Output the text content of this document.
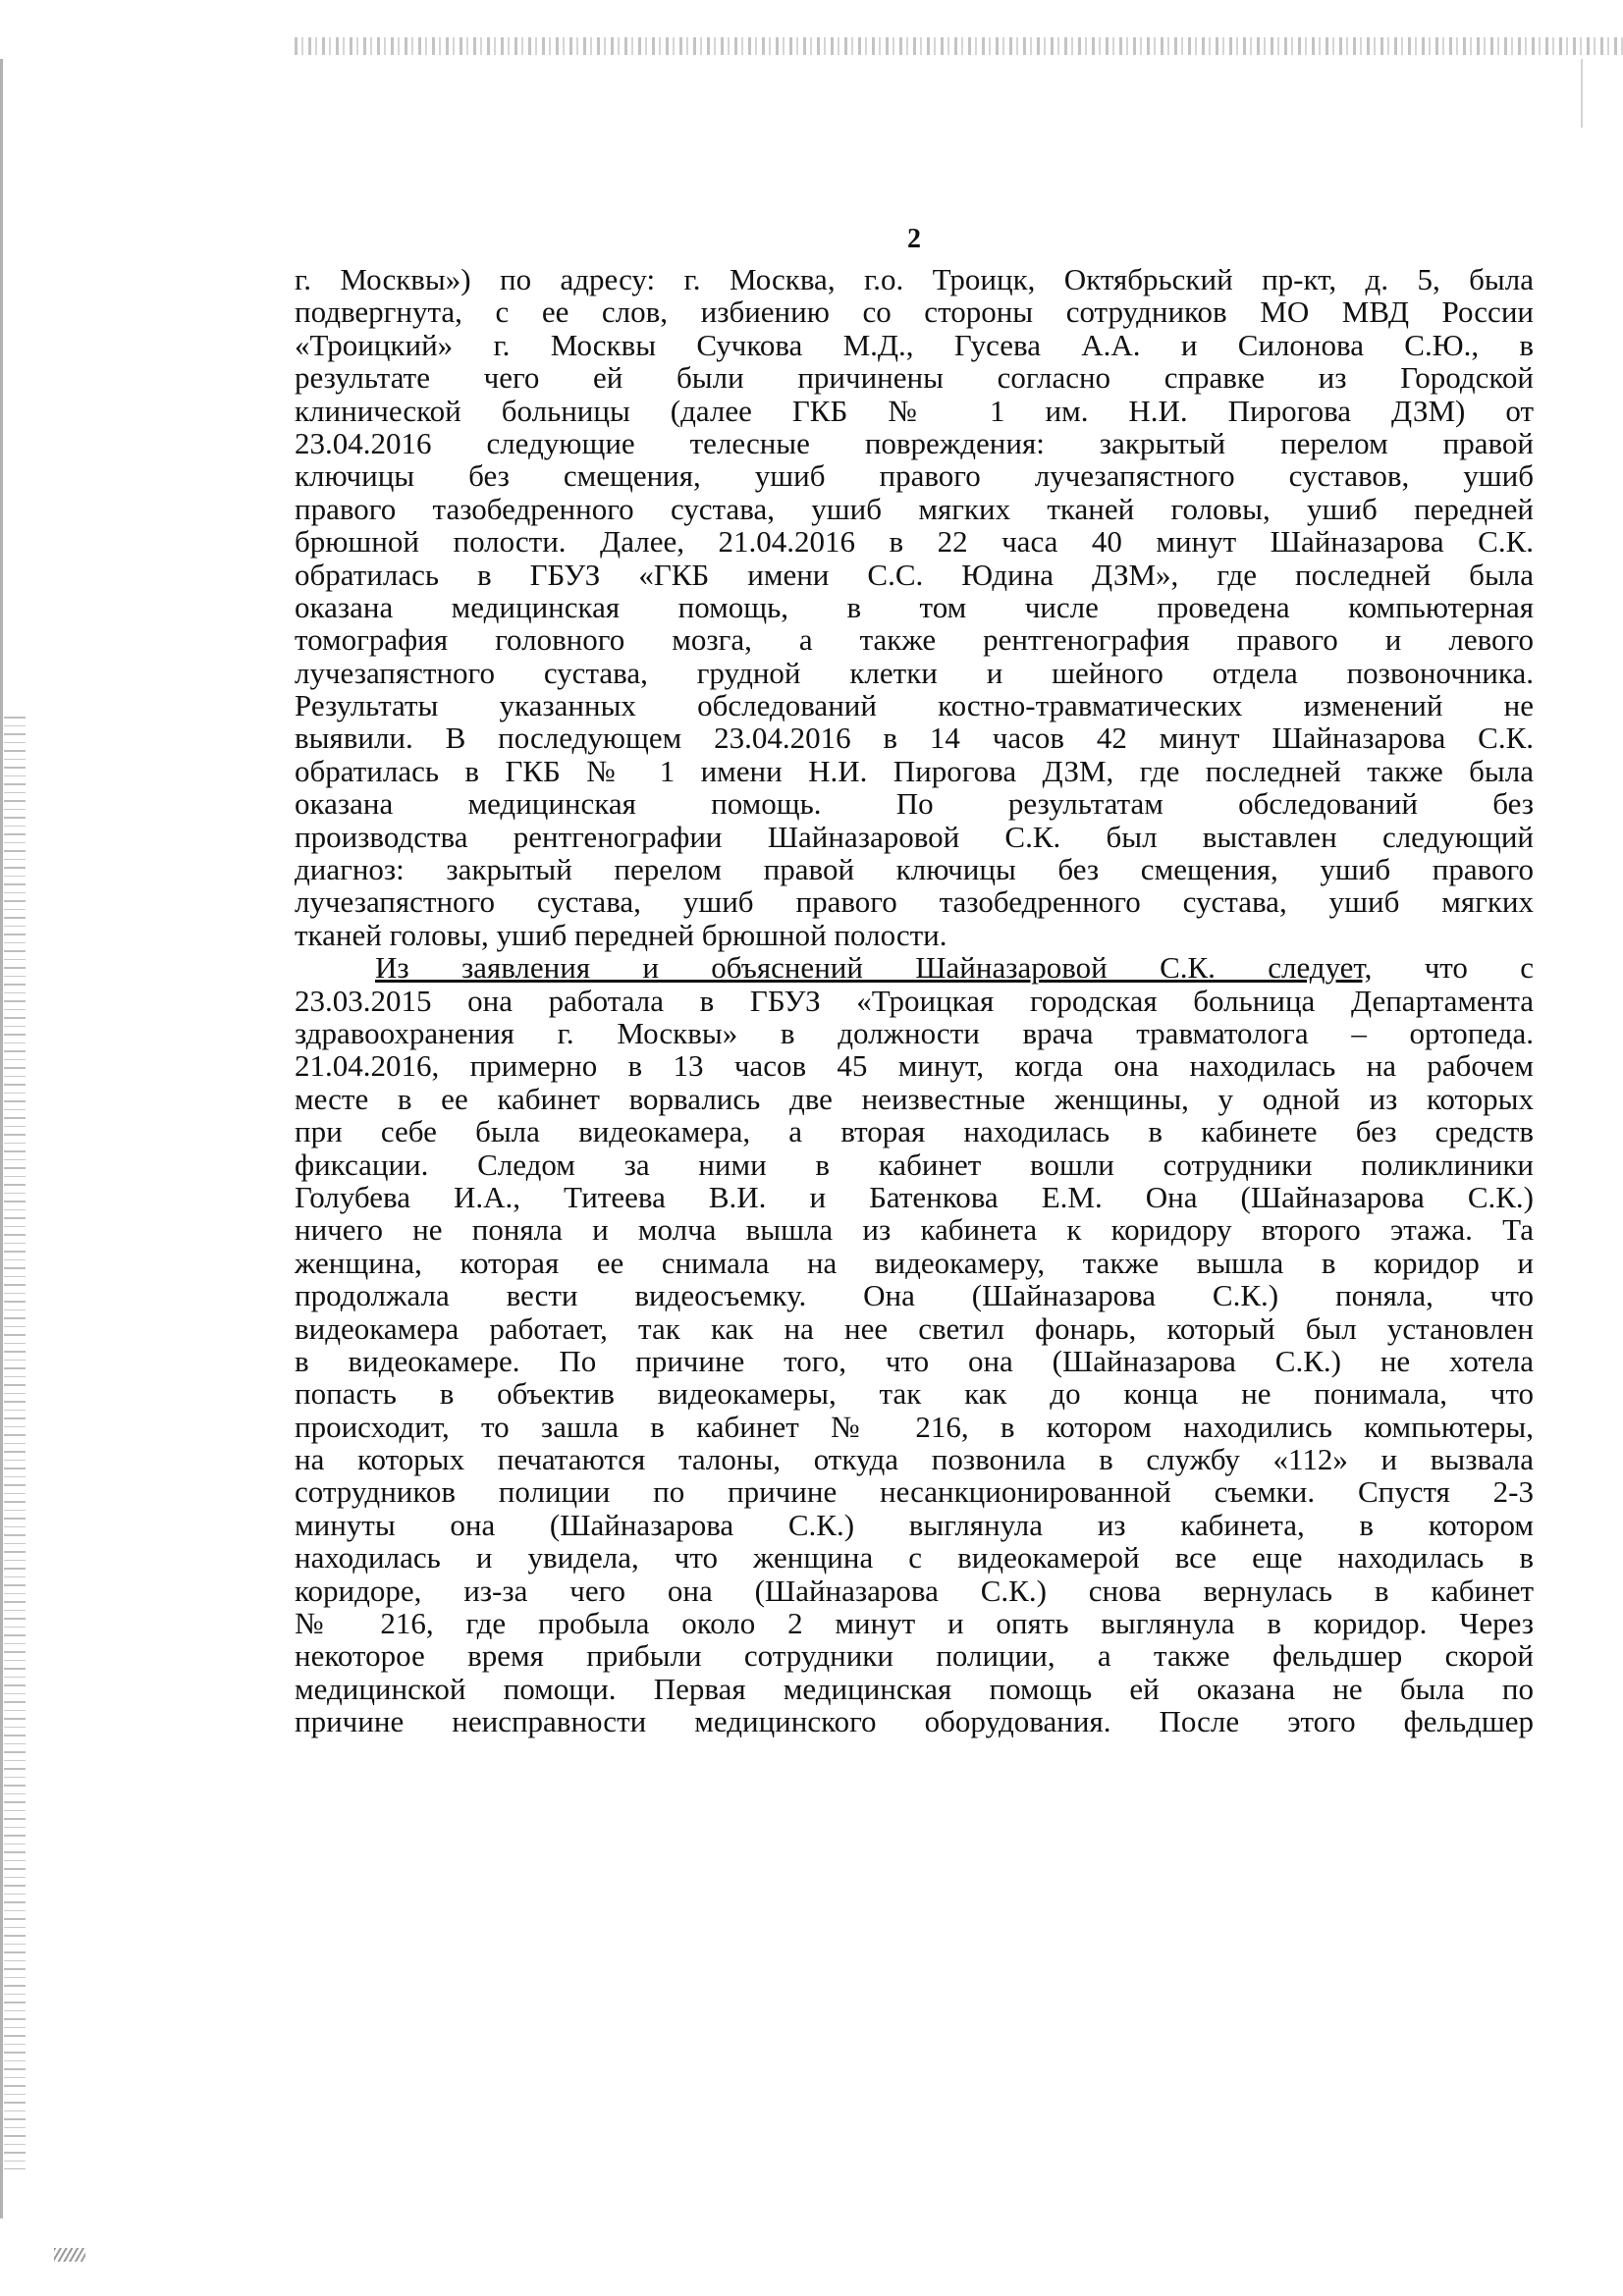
2
г. Москвы») по адресу: г. Москва, г.о. Троицк, Октябрьский пр-кт, д. 5, была
подвергнута, с ее слов, избиению со стороны сотрудников МО МВД России
«Троицкий» г. Москвы Сучкова М.Д., Гусева А.А. и Силонова С.Ю., в
результате чего ей были причинены согласно справке из Городской
клинической больницы (далее ГКБ № 1 им. Н.И. Пирогова ДЗМ) от
23.04.2016 следующие телесные повреждения: закрытый перелом правой
ключицы без смещения, ушиб правого лучезапястного суставов, ушиб
правого тазобедренного сустава, ушиб мягких тканей головы, ушиб передней
брюшной полости. Далее, 21.04.2016 в 22 часа 40 минут Шайназарова С.К.
обратилась в ГБУЗ «ГКБ имени С.С. Юдина ДЗМ», где последней была
оказана медицинская помощь, в том числе проведена компьютерная
томография головного мозга, а также рентгенография правого и левого
лучезапястного сустава, грудной клетки и шейного отдела позвоночника.
Результаты указанных обследований костно-травматических изменений не
выявили. В последующем 23.04.2016 в 14 часов 42 минут Шайназарова С.К.
обратилась в ГКБ № 1 имени Н.И. Пирогова ДЗМ, где последней также была
оказана медицинская помощь. По результатам обследований без
производства рентгенографии Шайназаровой С.К. был выставлен следующий
диагноз: закрытый перелом правой ключицы без смещения, ушиб правого
лучезапястного сустава, ушиб правого тазобедренного сустава, ушиб мягких
тканей головы, ушиб передней брюшной полости.
Из заявления и объяснений Шайназаровой С.К. следует, что с
23.03.2015 она работала в ГБУЗ «Троицкая городская больница Департамента
здравоохранения г. Москвы» в должности врача травматолога – ортопеда.
21.04.2016, примерно в 13 часов 45 минут, когда она находилась на рабочем
месте в ее кабинет ворвались две неизвестные женщины, у одной из которых
при себе была видеокамера, а вторая находилась в кабинете без средств
фиксации. Следом за ними в кабинет вошли сотрудники поликлиники
Голубева И.А., Титеева В.И. и Батенкова Е.М. Она (Шайназарова С.К.)
ничего не поняла и молча вышла из кабинета к коридору второго этажа. Та
женщина, которая ее снимала на видеокамеру, также вышла в коридор и
продолжала вести видеосъемку. Она (Шайназарова С.К.) поняла, что
видеокамера работает, так как на нее светил фонарь, который был установлен
в видеокамере. По причине того, что она (Шайназарова С.К.) не хотела
попасть в объектив видеокамеры, так как до конца не понимала, что
происходит, то зашла в кабинет № 216, в котором находились компьютеры,
на которых печатаются талоны, откуда позвонила в службу «112» и вызвала
сотрудников полиции по причине несанкционированной съемки. Спустя 2-3
минуты она (Шайназарова С.К.) выглянула из кабинета, в котором
находилась и увидела, что женщина с видеокамерой все еще находилась в
коридоре, из-за чего она (Шайназарова С.К.) снова вернулась в кабинет
№ 216, где пробыла около 2 минут и опять выглянула в коридор. Через
некоторое время прибыли сотрудники полиции, а также фельдшер скорой
медицинской помощи. Первая медицинская помощь ей оказана не была по
причине неисправности медицинского оборудования. После этого фельдшер
